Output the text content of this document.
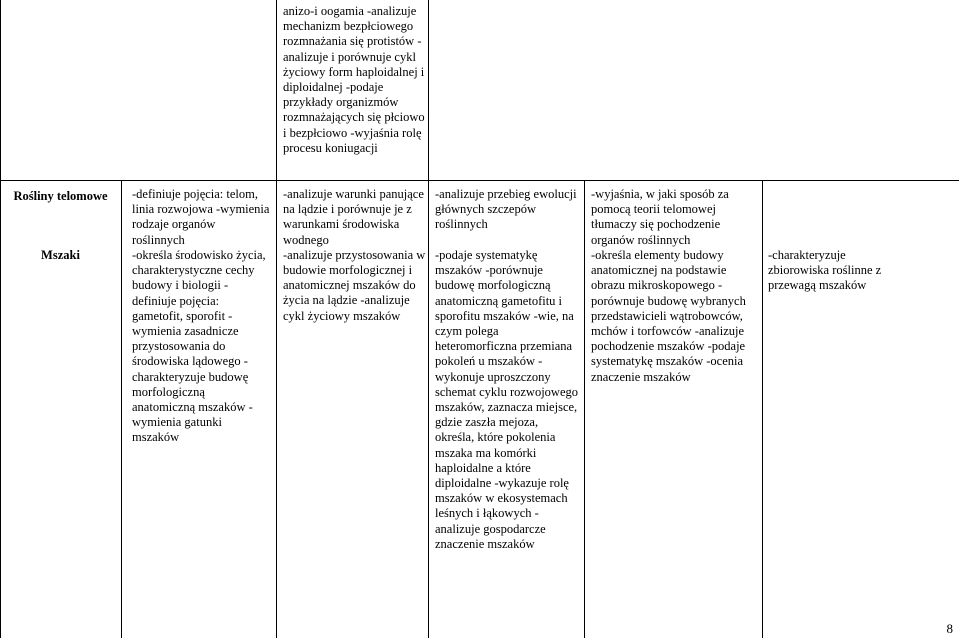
anizo-i oogamia -analizuje
mechanizm bezpłciowego
rozmnażania się protistów -
analizuje i porównuje cykl
życiowy form haploidalnej i
diploidalnej -podaje
przykłady organizmów
rozmnażających się płciowo
i bezpłciowo -wyjaśnia rolę
procesu koniugacji
Rośliny telomowe
Mszaki
-definiuje pojęcia: telom,
linia rozwojowa -wymienia
rodzaje organów
roślinnych
-określa środowisko życia,
charakterystyczne cechy
budowy i biologii -
definiuje pojęcia:
gametofit, sporofit -
wymienia zasadnicze
przystosowania do
środowiska lądowego -
charakteryzuje budowę
morfologiczną
anatomiczną mszaków -
wymienia gatunki
mszaków
-analizuje warunki panujące
na lądzie i porównuje je z
warunkami środowiska
wodnego
-analizuje przystosowania w
budowie morfologicznej i
anatomicznej mszaków do
życia na lądzie -analizuje
cykl życiowy mszaków
-analizuje przebieg ewolucji
głównych szczepów
roślinnych
-podaje systematykę
mszaków -porównuje
budowę morfologiczną
anatomiczną gametofitu i
sporofitu mszaków -wie, na
czym polega
heteromorficzna przemiana
pokoleń u mszaków -
wykonuje uproszczony
schemat cyklu rozwojowego
mszaków, zaznacza miejsce,
gdzie zaszła mejoza,
określa, które pokolenia
mszaka ma komórki
haploidalne a które
diploidalne -wykazuje rolę
mszaków w ekosystemach
leśnych i łąkowych -
analizuje gospodarcze
znaczenie mszaków
-wyjaśnia, w jaki sposób za
pomocą teorii telomowej
tłumaczy się pochodzenie
organów roślinnych
-określa elementy budowy
anatomicznej na podstawie
obrazu mikroskopowego -
porównuje budowę wybranych
przedstawicieli wątrobowców,
mchów i torfowców -analizuje
pochodzenie mszaków -podaje
systematykę mszaków -ocenia
znaczenie mszaków
-charakteryzuje
zbiorowiska roślinne z
przewagą mszaków
8
